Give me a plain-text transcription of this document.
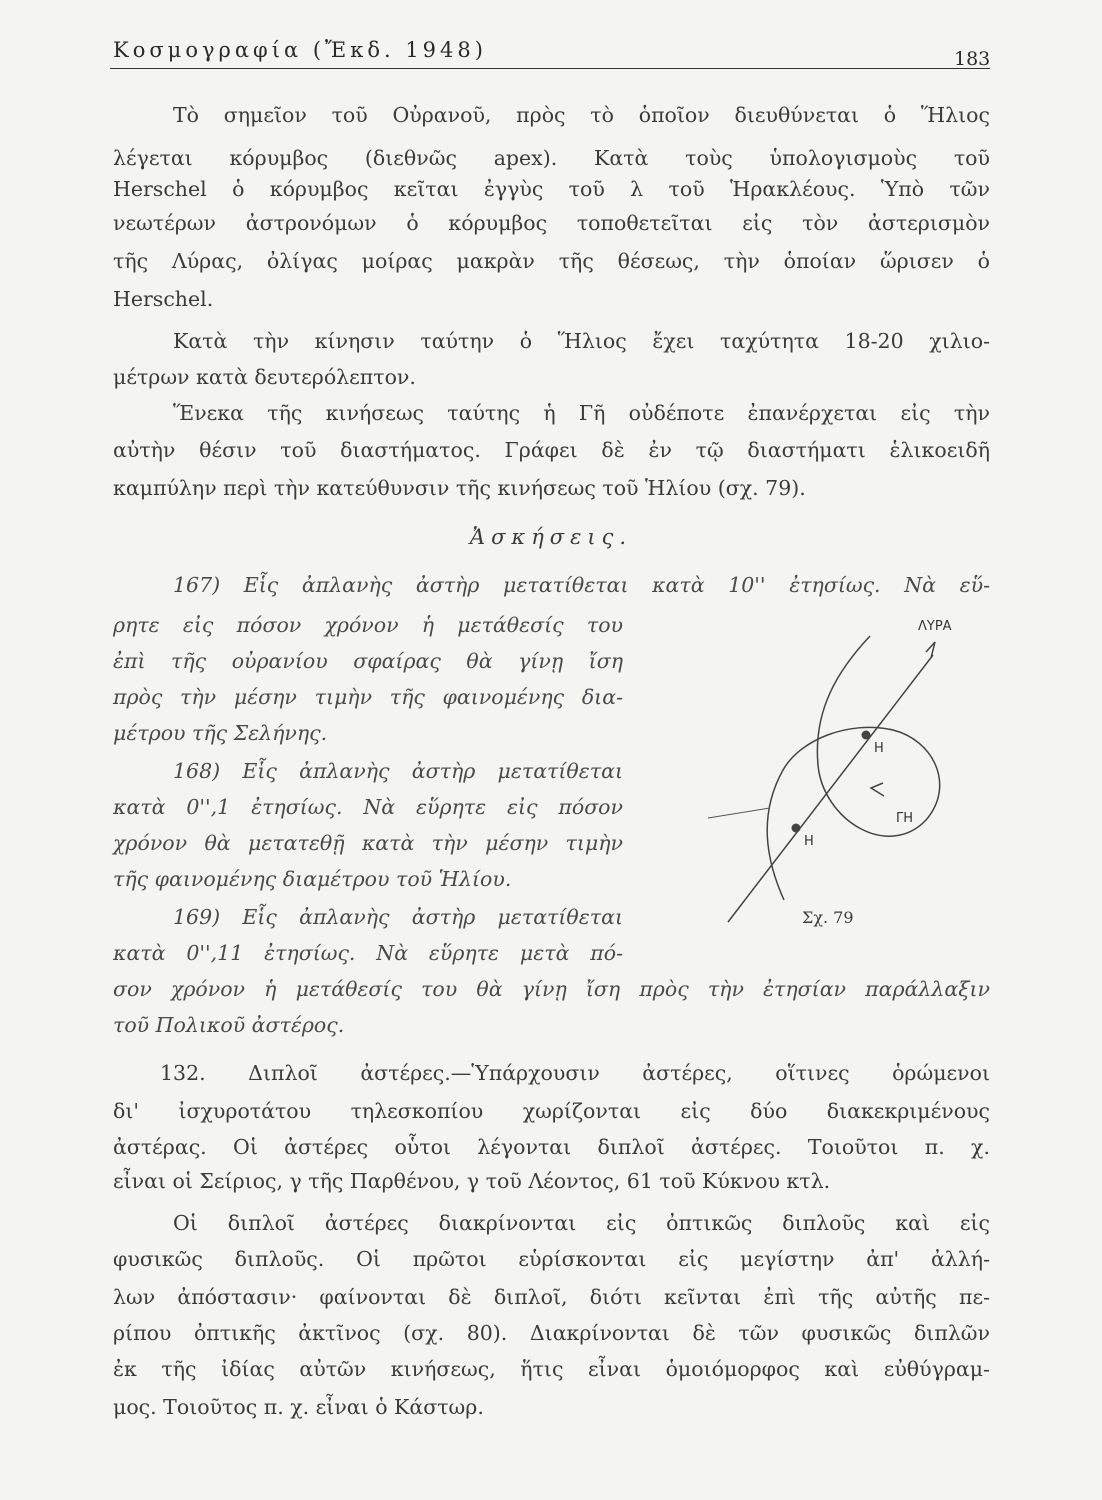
Κοσμογραφία (Ἔκδ. 1948)	183
Τὸ σημεῖον τοῦ Οὐρανοῦ, πρὸς τὸ ὁποῖον διευθύνεται ὁ Ἥλιος
λέγεται κόρυμβος (διεθνῶς apex). Κατὰ τοὺς ὑπολογισμοὺς τοῦ
Herschel ὁ κόρυμβος κεῖται ἐγγὺς τοῦ λ τοῦ Ἡρακλέους. Ὑπὸ τῶν
νεωτέρων ἀστρονόμων ὁ κόρυμβος τοποθετεῖται εἰς τὸν ἀστερισμὸν
τῆς Λύρας, ὀλίγας μοίρας μακρὰν τῆς θέσεως, τὴν ὁποίαν ὥρισεν ὁ
Herschel.
Κατὰ τὴν κίνησιν ταύτην ὁ Ἥλιος ἔχει ταχύτητα 18-20 χιλιο-
μέτρων κατὰ δευτερόλεπτον.
Ἕνεκα τῆς κινήσεως ταύτης ἡ Γῆ οὐδέποτε ἐπανέρχεται εἰς τὴν
αὐτὴν θέσιν τοῦ διαστήματος. Γράφει δὲ ἐν τῷ διαστήματι ἑλικοειδῆ
καμπύλην περὶ τὴν κατεύθυνσιν τῆς κινήσεως τοῦ Ἡλίου (σχ. 79).
Ἀσκήσεις.
167) Εἷς ἀπλανὴς ἀστὴρ μετατίθεται κατὰ 10'' ἐτησίως. Νὰ εὕ-
ρητε εἰς πόσον χρόνον ἡ μετάθεσίς του
ἐπὶ τῆς οὐρανίου σφαίρας θὰ γίνῃ ἴση
πρὸς τὴν μέσην τιμὴν τῆς φαινομένης δια-
μέτρου τῆς Σελήνης.
168) Εἷς ἀπλανὴς ἀστὴρ μετατίθεται
κατὰ 0'',1 ἐτησίως. Νὰ εὕρητε εἰς πόσον
χρόνον θὰ μετατεθῇ κατὰ τὴν μέσην τιμὴν
τῆς φαινομένης διαμέτρου τοῦ Ἡλίου.
169) Εἷς ἀπλανὴς ἀστὴρ μετατίθεται
κατὰ 0'',11 ἐτησίως. Νὰ εὕρητε μετὰ πό-
σον χρόνον ἡ μετάθεσίς του θὰ γίνῃ ἴση πρὸς τὴν ἐτησίαν παράλλαξιν
τοῦ Πολικοῦ ἀστέρος.
ΛΥΡΑ
Η
ΓΗ
Η
Σχ. 79
132. Διπλοῖ ἀστέρες.—Ὑπάρχουσιν ἀστέρες, οἵτινες ὁρώμενοι
δι' ἰσχυροτάτου τηλεσκοπίου χωρίζονται εἰς δύο διακεκριμένους
ἀστέρας. Οἱ ἀστέρες οὗτοι λέγονται διπλοῖ ἀστέρες. Τοιοῦτοι π. χ.
εἶναι οἱ Σείριος, γ τῆς Παρθένου, γ τοῦ Λέοντος, 61 τοῦ Κύκνου κτλ.
Οἱ διπλοῖ ἀστέρες διακρίνονται εἰς ὀπτικῶς διπλοῦς καὶ εἰς
φυσικῶς διπλοῦς. Οἱ πρῶτοι εὑρίσκονται εἰς μεγίστην ἀπ' ἀλλή-
λων ἀπόστασιν· φαίνονται δὲ διπλοῖ, διότι κεῖνται ἐπὶ τῆς αὐτῆς πε-
ρίπου ὀπτικῆς ἀκτῖνος (σχ. 80). Διακρίνονται δὲ τῶν φυσικῶς διπλῶν
ἐκ τῆς ἰδίας αὐτῶν κινήσεως, ἥτις εἶναι ὁμοιόμορφος καὶ εὐθύγραμ-
μος. Τοιοῦτος π. χ. εἶναι ὁ Κάστωρ.
